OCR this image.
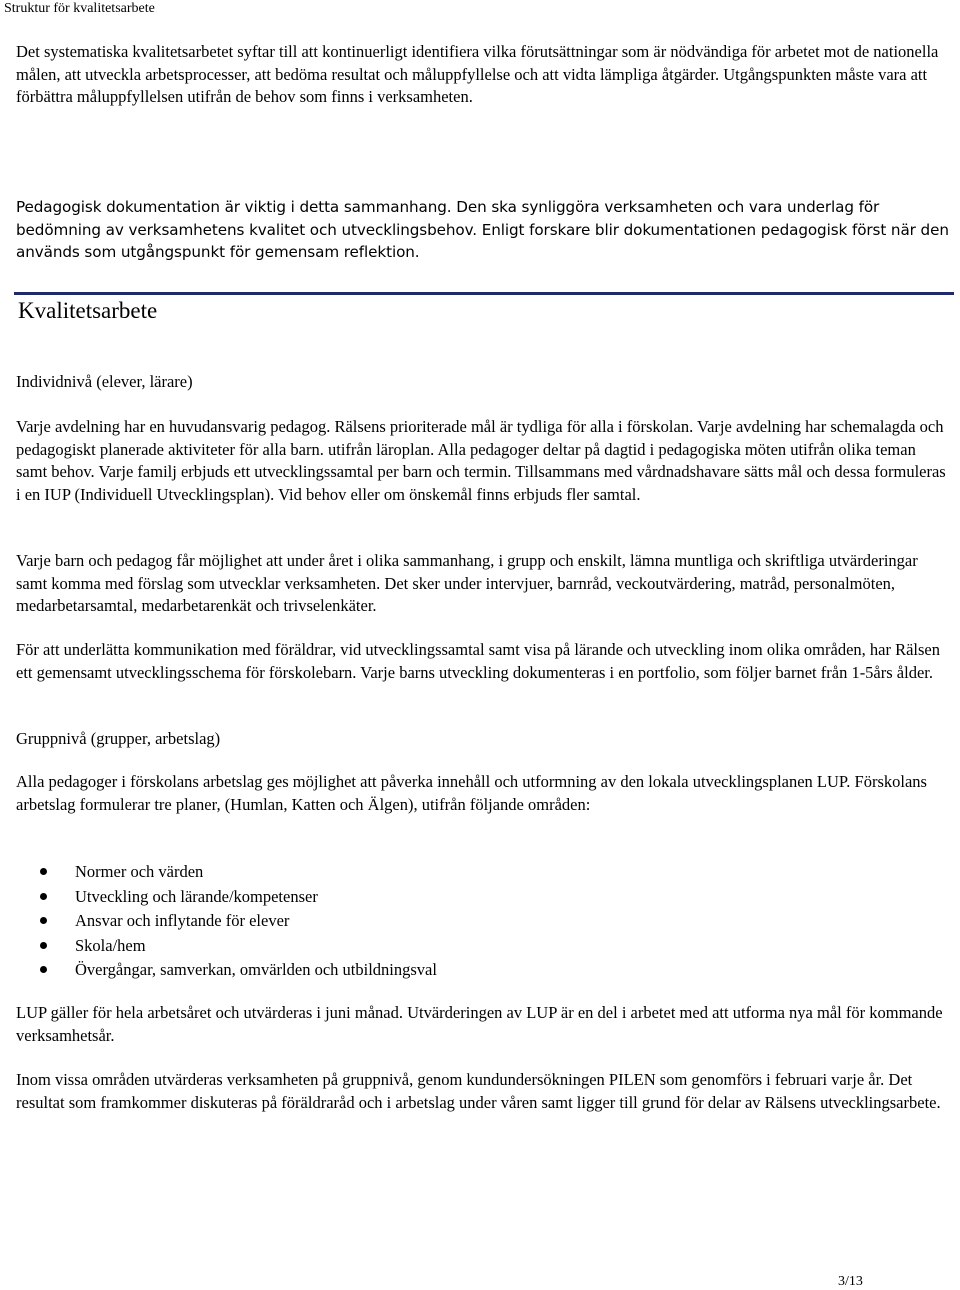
Struktur för kvalitetsarbete

Det systematiska kvalitetsarbetet syftar till att kontinuerligt identifiera vilka förutsättningar som är nödvändiga för arbetet mot de nationella målen, att utveckla arbetsprocesser, att bedöma resultat och måluppfyllelse och att vidta lämpliga åtgärder. Utgångspunkten måste vara att förbättra måluppfyllelsen utifrån de behov som finns i verksamheten.

Pedagogisk dokumentation är viktig i detta sammanhang. Den ska synliggöra verksamheten och vara underlag för bedömning av verksamhetens kvalitet och utvecklingsbehov. Enligt forskare blir dokumentationen pedagogisk först när den används som utgångspunkt för gemensam reflektion.

Kvalitetsarbete

Individnivå (elever, lärare)

Varje avdelning har en huvudansvarig pedagog. Rälsens prioriterade mål är tydliga för alla i förskolan. Varje avdelning har schemalagda och pedagogiskt planerade aktiviteter för alla barn. utifrån läroplan. Alla pedagoger deltar på dagtid i pedagogiska möten utifrån olika teman samt behov. Varje familj erbjuds ett utvecklingssamtal per barn och termin. Tillsammans med vårdnadshavare sätts mål och dessa formuleras i en IUP (Individuell Utvecklingsplan). Vid behov eller om önskemål finns erbjuds fler samtal.

Varje barn och pedagog får möjlighet att under året i olika sammanhang, i grupp och enskilt, lämna muntliga och skriftliga utvärderingar samt komma med förslag som utvecklar verksamheten. Det sker under intervjuer, barnråd, veckoutvärdering, matråd, personalmöten, medarbetarsamtal, medarbetarenkät och trivselenkäter.

För att underlätta kommunikation med föräldrar, vid utvecklingssamtal samt visa på lärande och utveckling inom olika områden, har Rälsen ett gemensamt utvecklingsschema för förskolebarn. Varje barns utveckling dokumenteras i en portfolio, som följer barnet från 1-5års ålder.

Gruppnivå (grupper, arbetslag)

Alla pedagoger i förskolans arbetslag ges möjlighet att påverka innehåll och utformning av den lokala utvecklingsplanen LUP. Förskolans arbetslag formulerar tre planer, (Humlan, Katten och Älgen), utifrån följande områden:

Normer och värden
Utveckling och lärande/kompetenser
Ansvar och inflytande för elever
Skola/hem
Övergångar, samverkan, omvärlden och utbildningsval

LUP gäller för hela arbetsåret och utvärderas i juni månad. Utvärderingen av LUP är en del i arbetet med att utforma nya mål för kommande verksamhetsår.

Inom vissa områden utvärderas verksamheten på gruppnivå, genom kundundersökningen PILEN som genomförs i februari varje år. Det resultat som framkommer diskuteras på föräldraråd och i arbetslag under våren samt ligger till grund för delar av Rälsens utvecklingsarbete.

3/13
